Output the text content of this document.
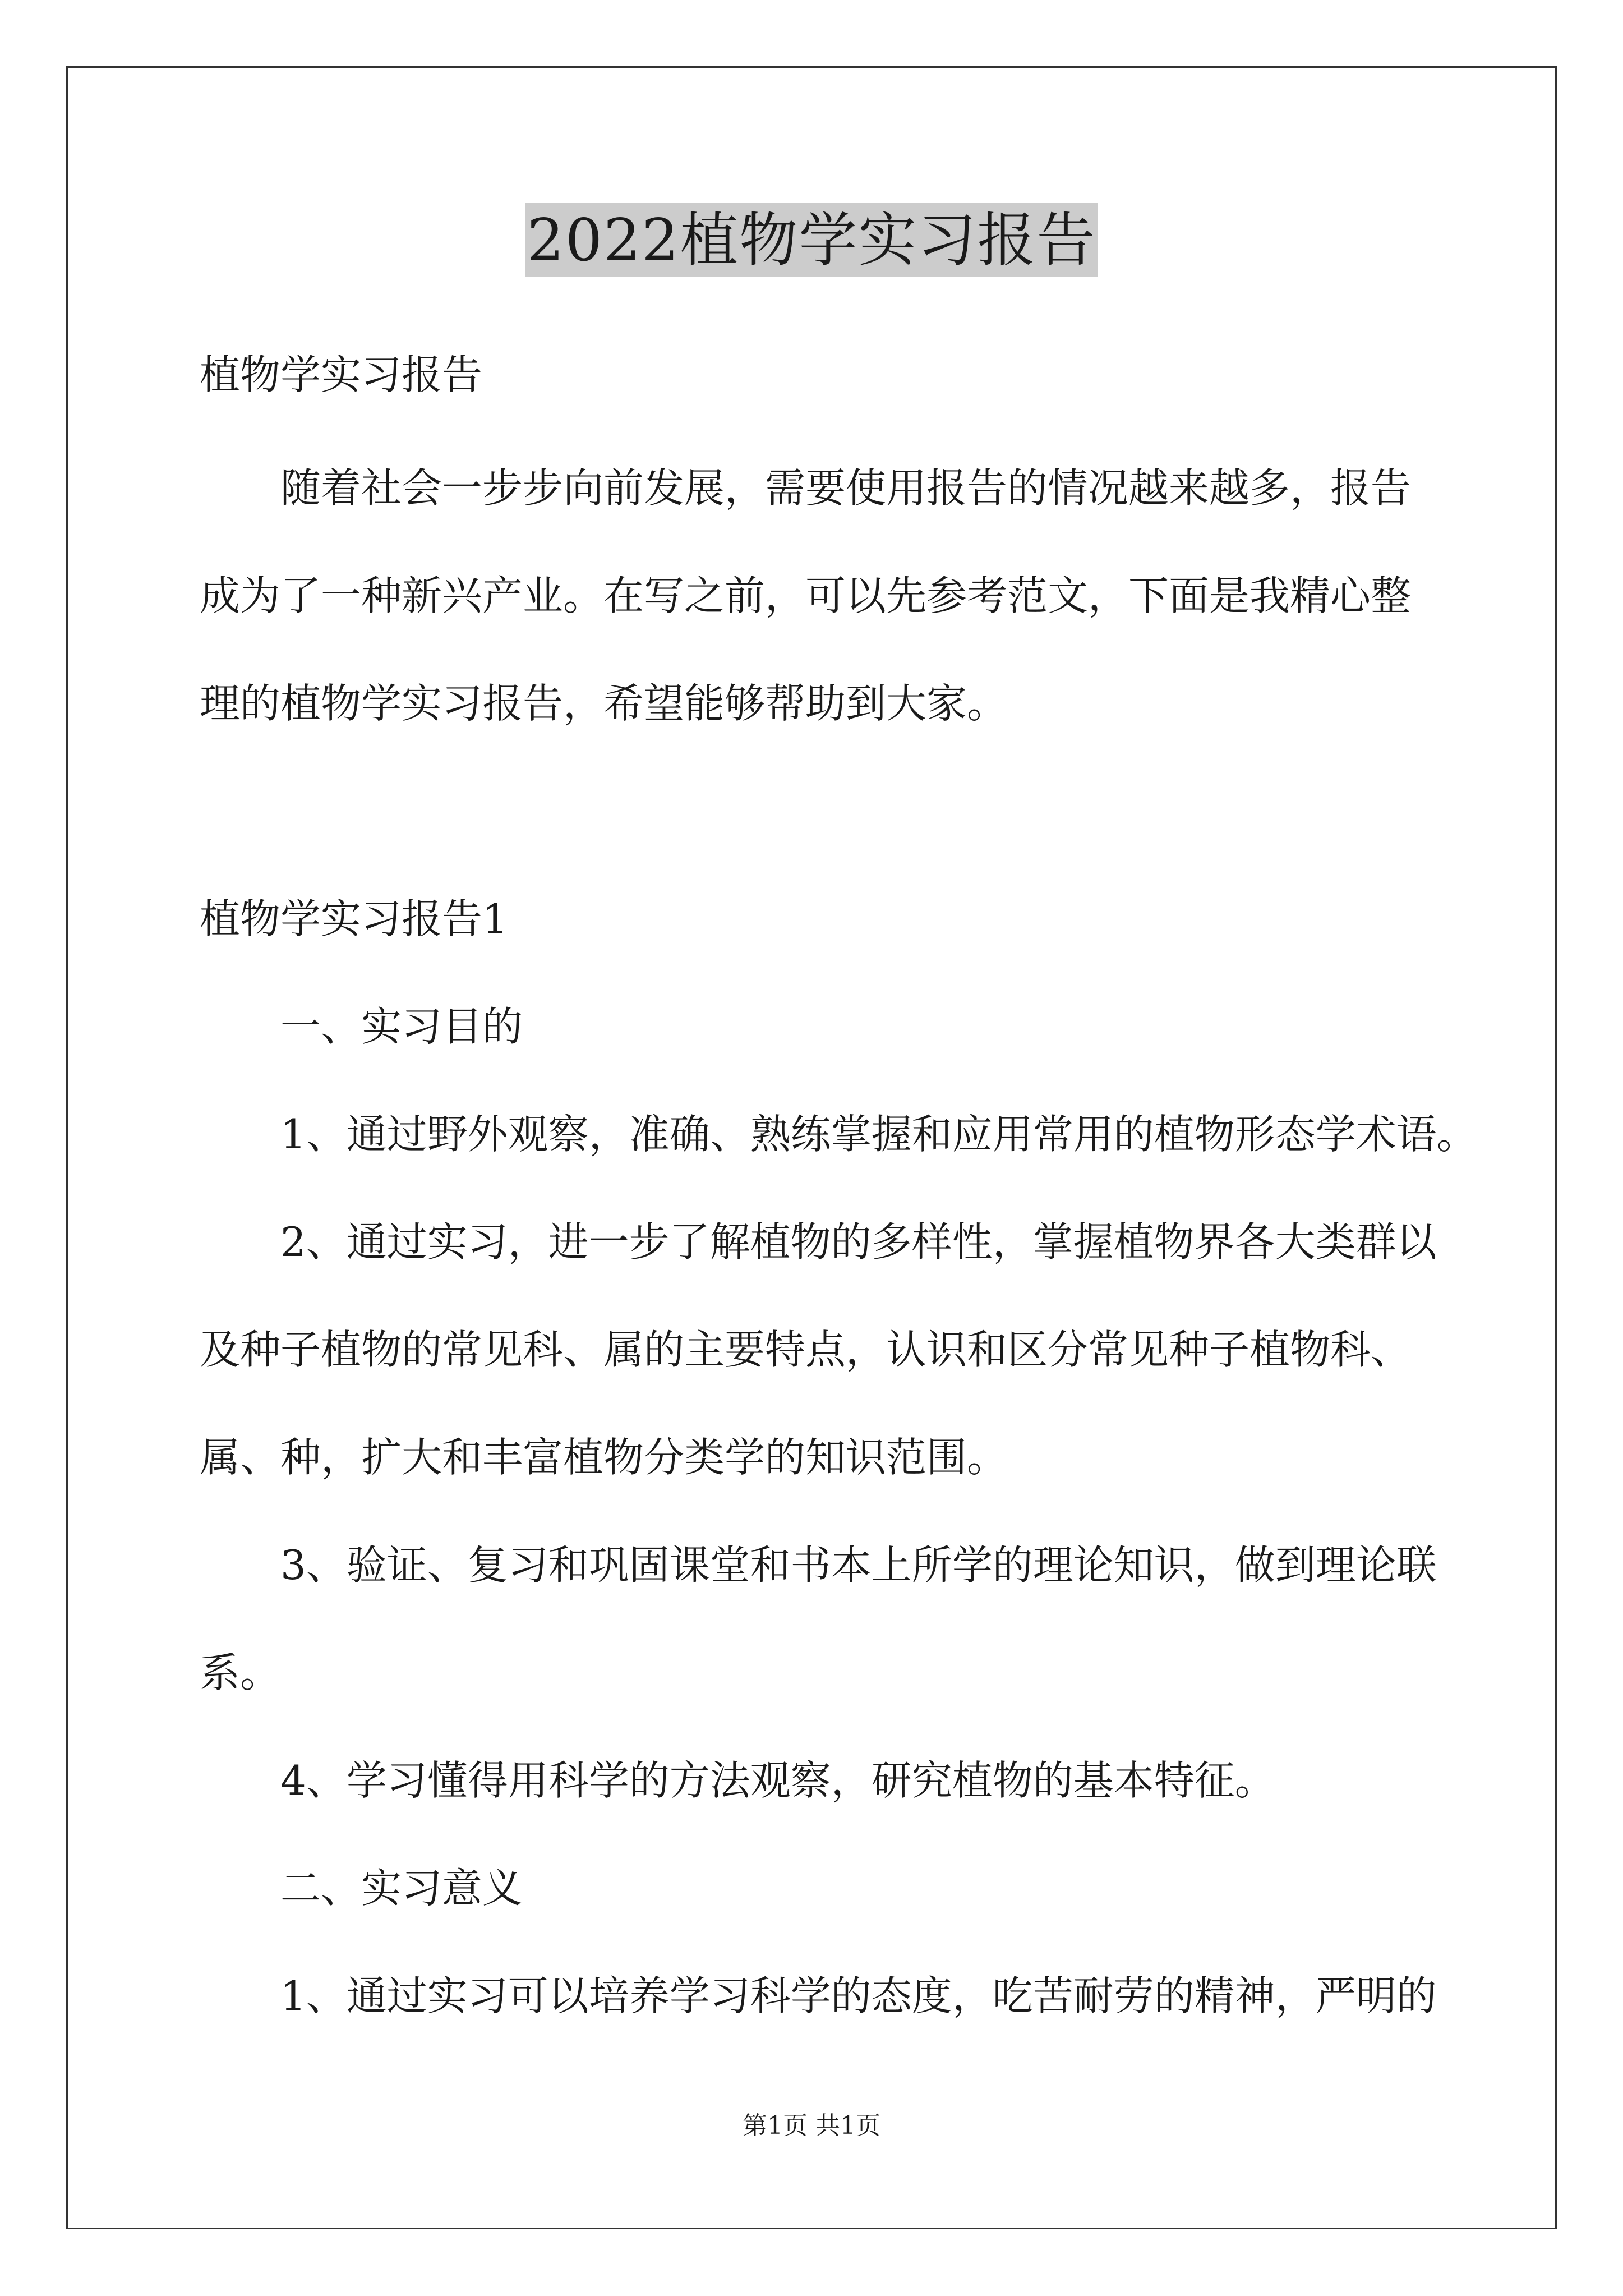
2022植物学实习报告
植物学实习报告
随着社会一步步向前发展，需要使用报告的情况越来越多，报告
成为了一种新兴产业。在写之前，可以先参考范文，下面是我精心整
理的植物学实习报告，希望能够帮助到大家。
植物学实习报告1
一、实习目的
1、通过野外观察，准确、熟练掌握和应用常用的植物形态学术语。
2、通过实习，进一步了解植物的多样性，掌握植物界各大类群以
及种子植物的常见科、属的主要特点，认识和区分常见种子植物科、
属、种，扩大和丰富植物分类学的知识范围。
3、验证、复习和巩固课堂和书本上所学的理论知识，做到理论联
系。
4、学习懂得用科学的方法观察，研究植物的基本特征。
二、实习意义
1、通过实习可以培养学习科学的态度，吃苦耐劳的精神，严明的
第1页 共1页
